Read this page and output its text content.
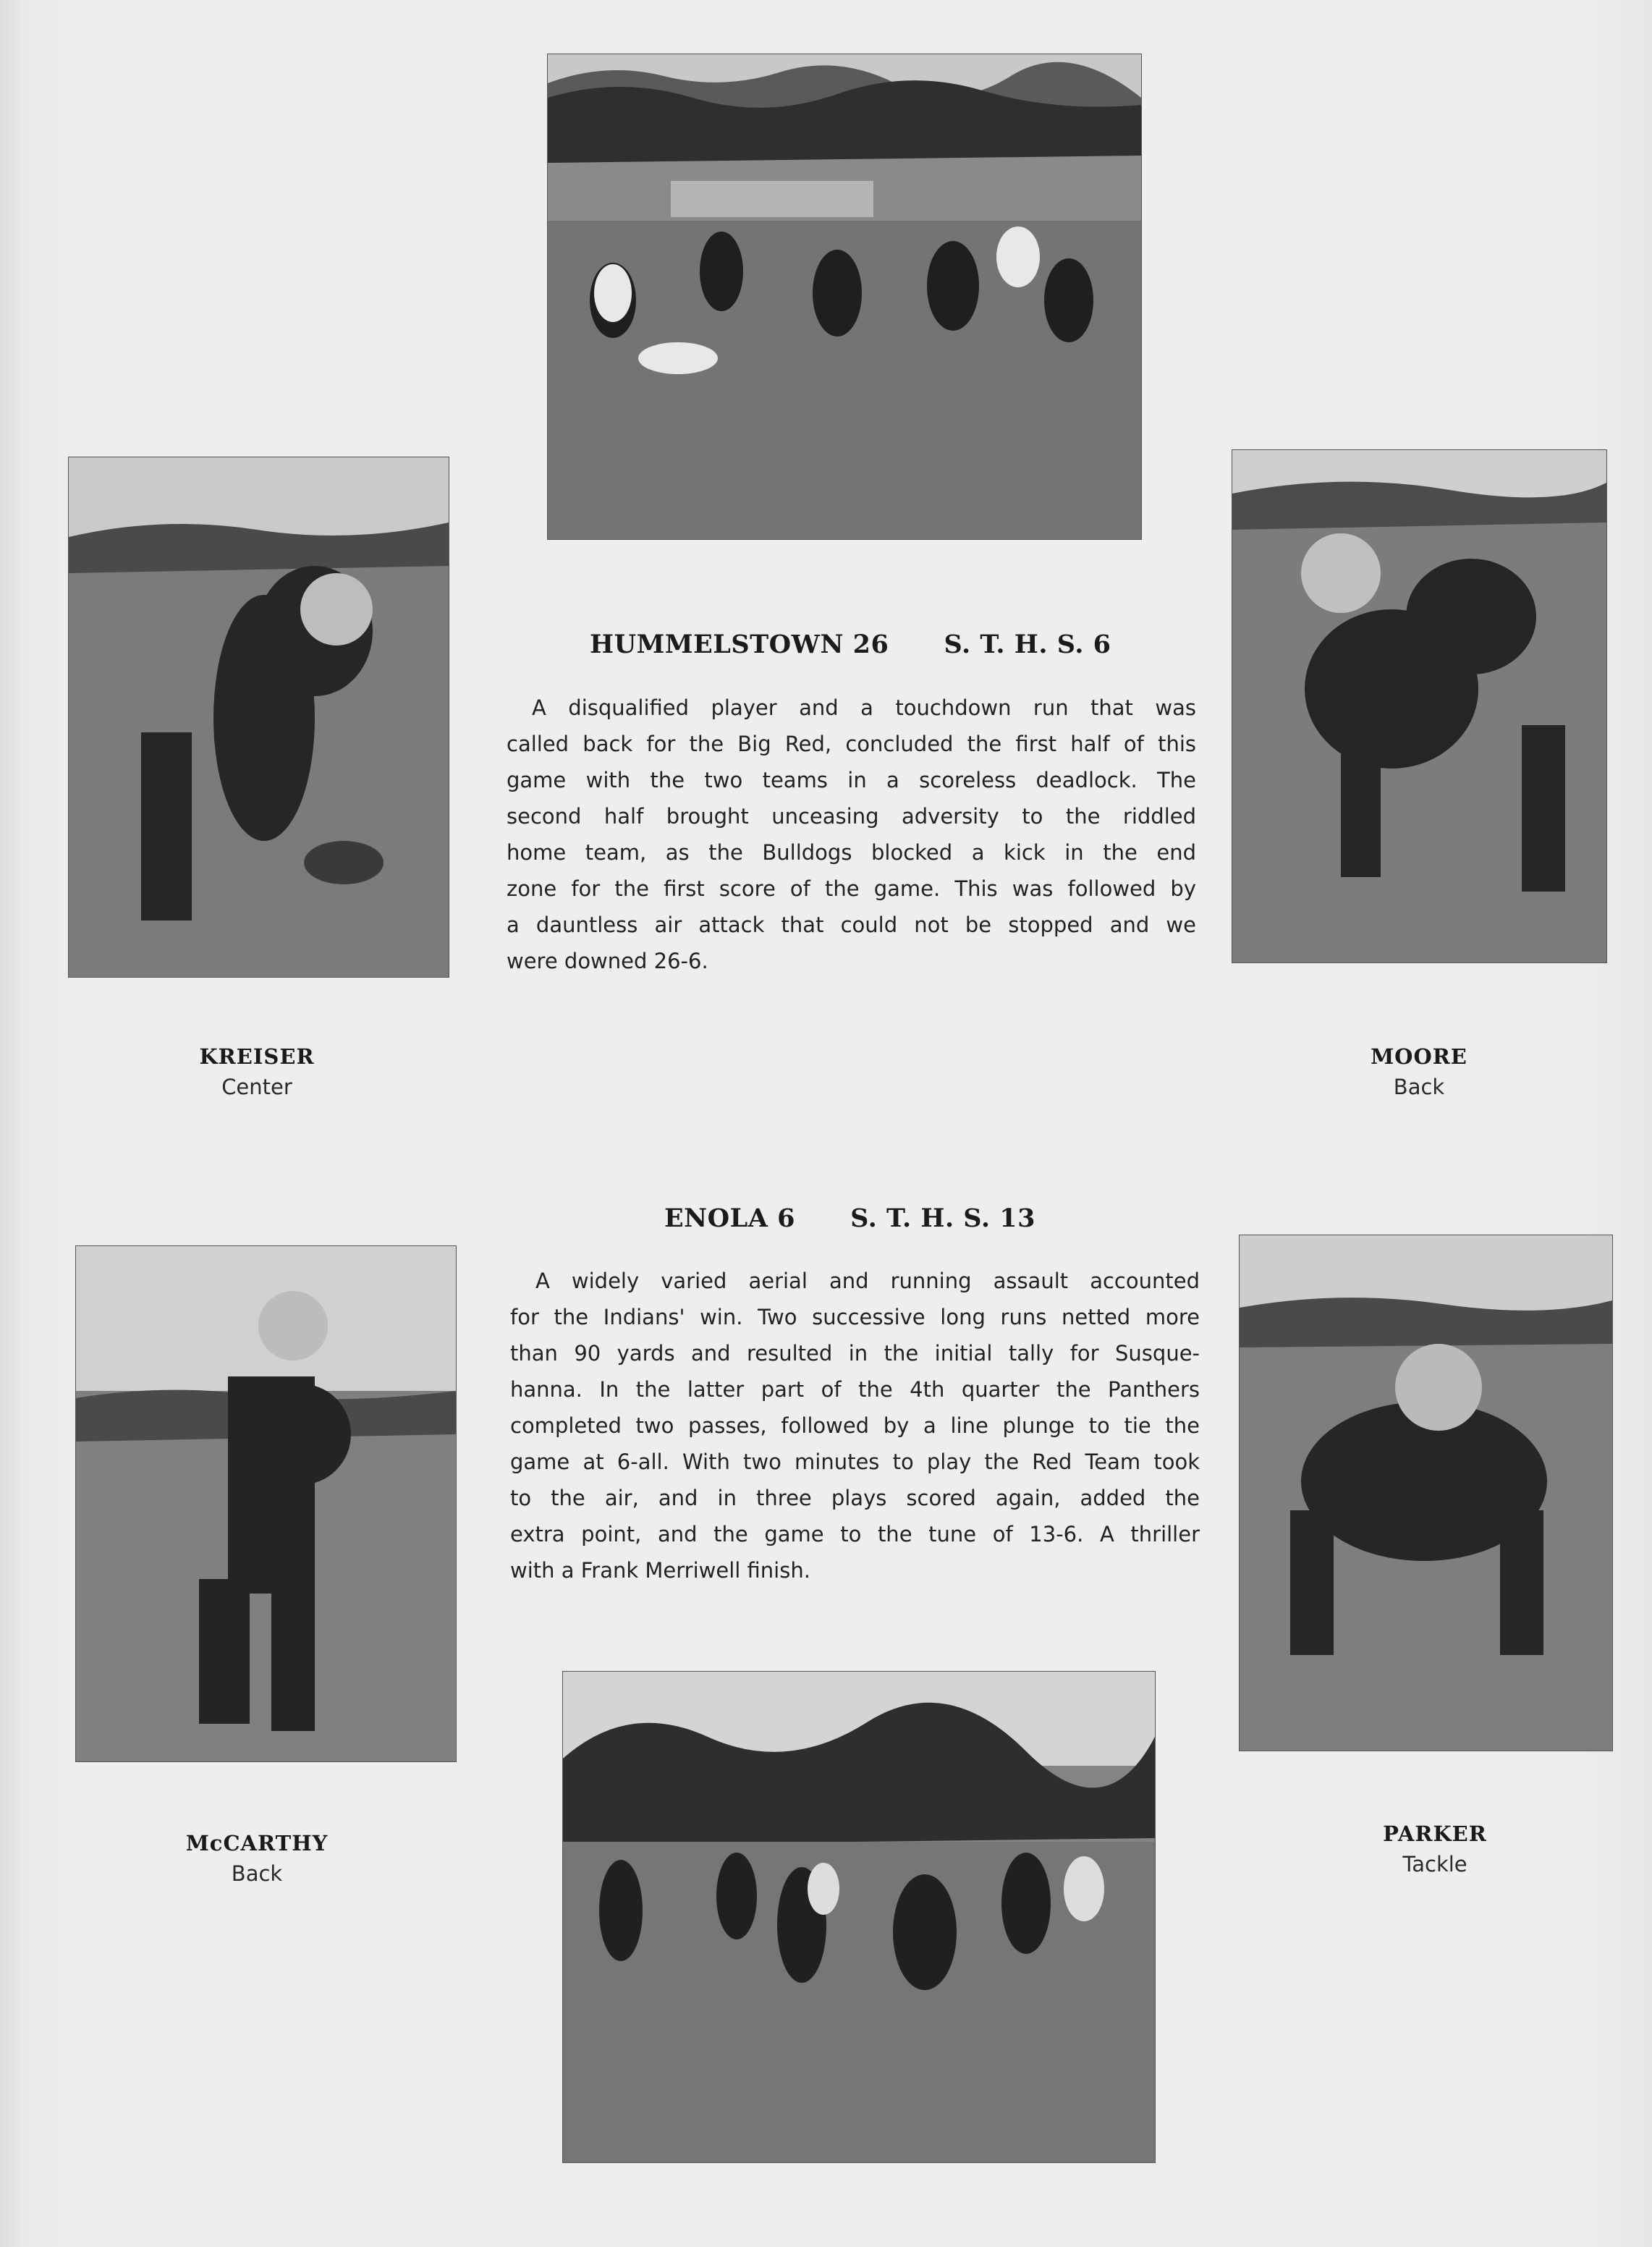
HUMMELSTOWN 26      S. T. H. S. 6
A disqualified player and a touchdown run that was
called back for the Big Red, concluded the first half of this
game with the two teams in a scoreless deadlock. The
second half brought unceasing adversity to the riddled
home team, as the Bulldogs blocked a kick in the end
zone for the first score of the game. This was followed by
a dauntless air attack that could not be stopped and we
were downed 26-6.
KREISER
Center
MOORE
Back
ENOLA 6      S. T. H. S. 13
A widely varied aerial and running assault accounted
for the Indians' win. Two successive long runs netted more
than 90 yards and resulted in the initial tally for Susque-
hanna. In the latter part of the 4th quarter the Panthers
completed two passes, followed by a line plunge to tie the
game at 6-all. With two minutes to play the Red Team took
to the air, and in three plays scored again, added the
extra point, and the game to the tune of 13-6. A thriller
with a Frank Merriwell finish.
McCARTHY
Back
PARKER
Tackle
